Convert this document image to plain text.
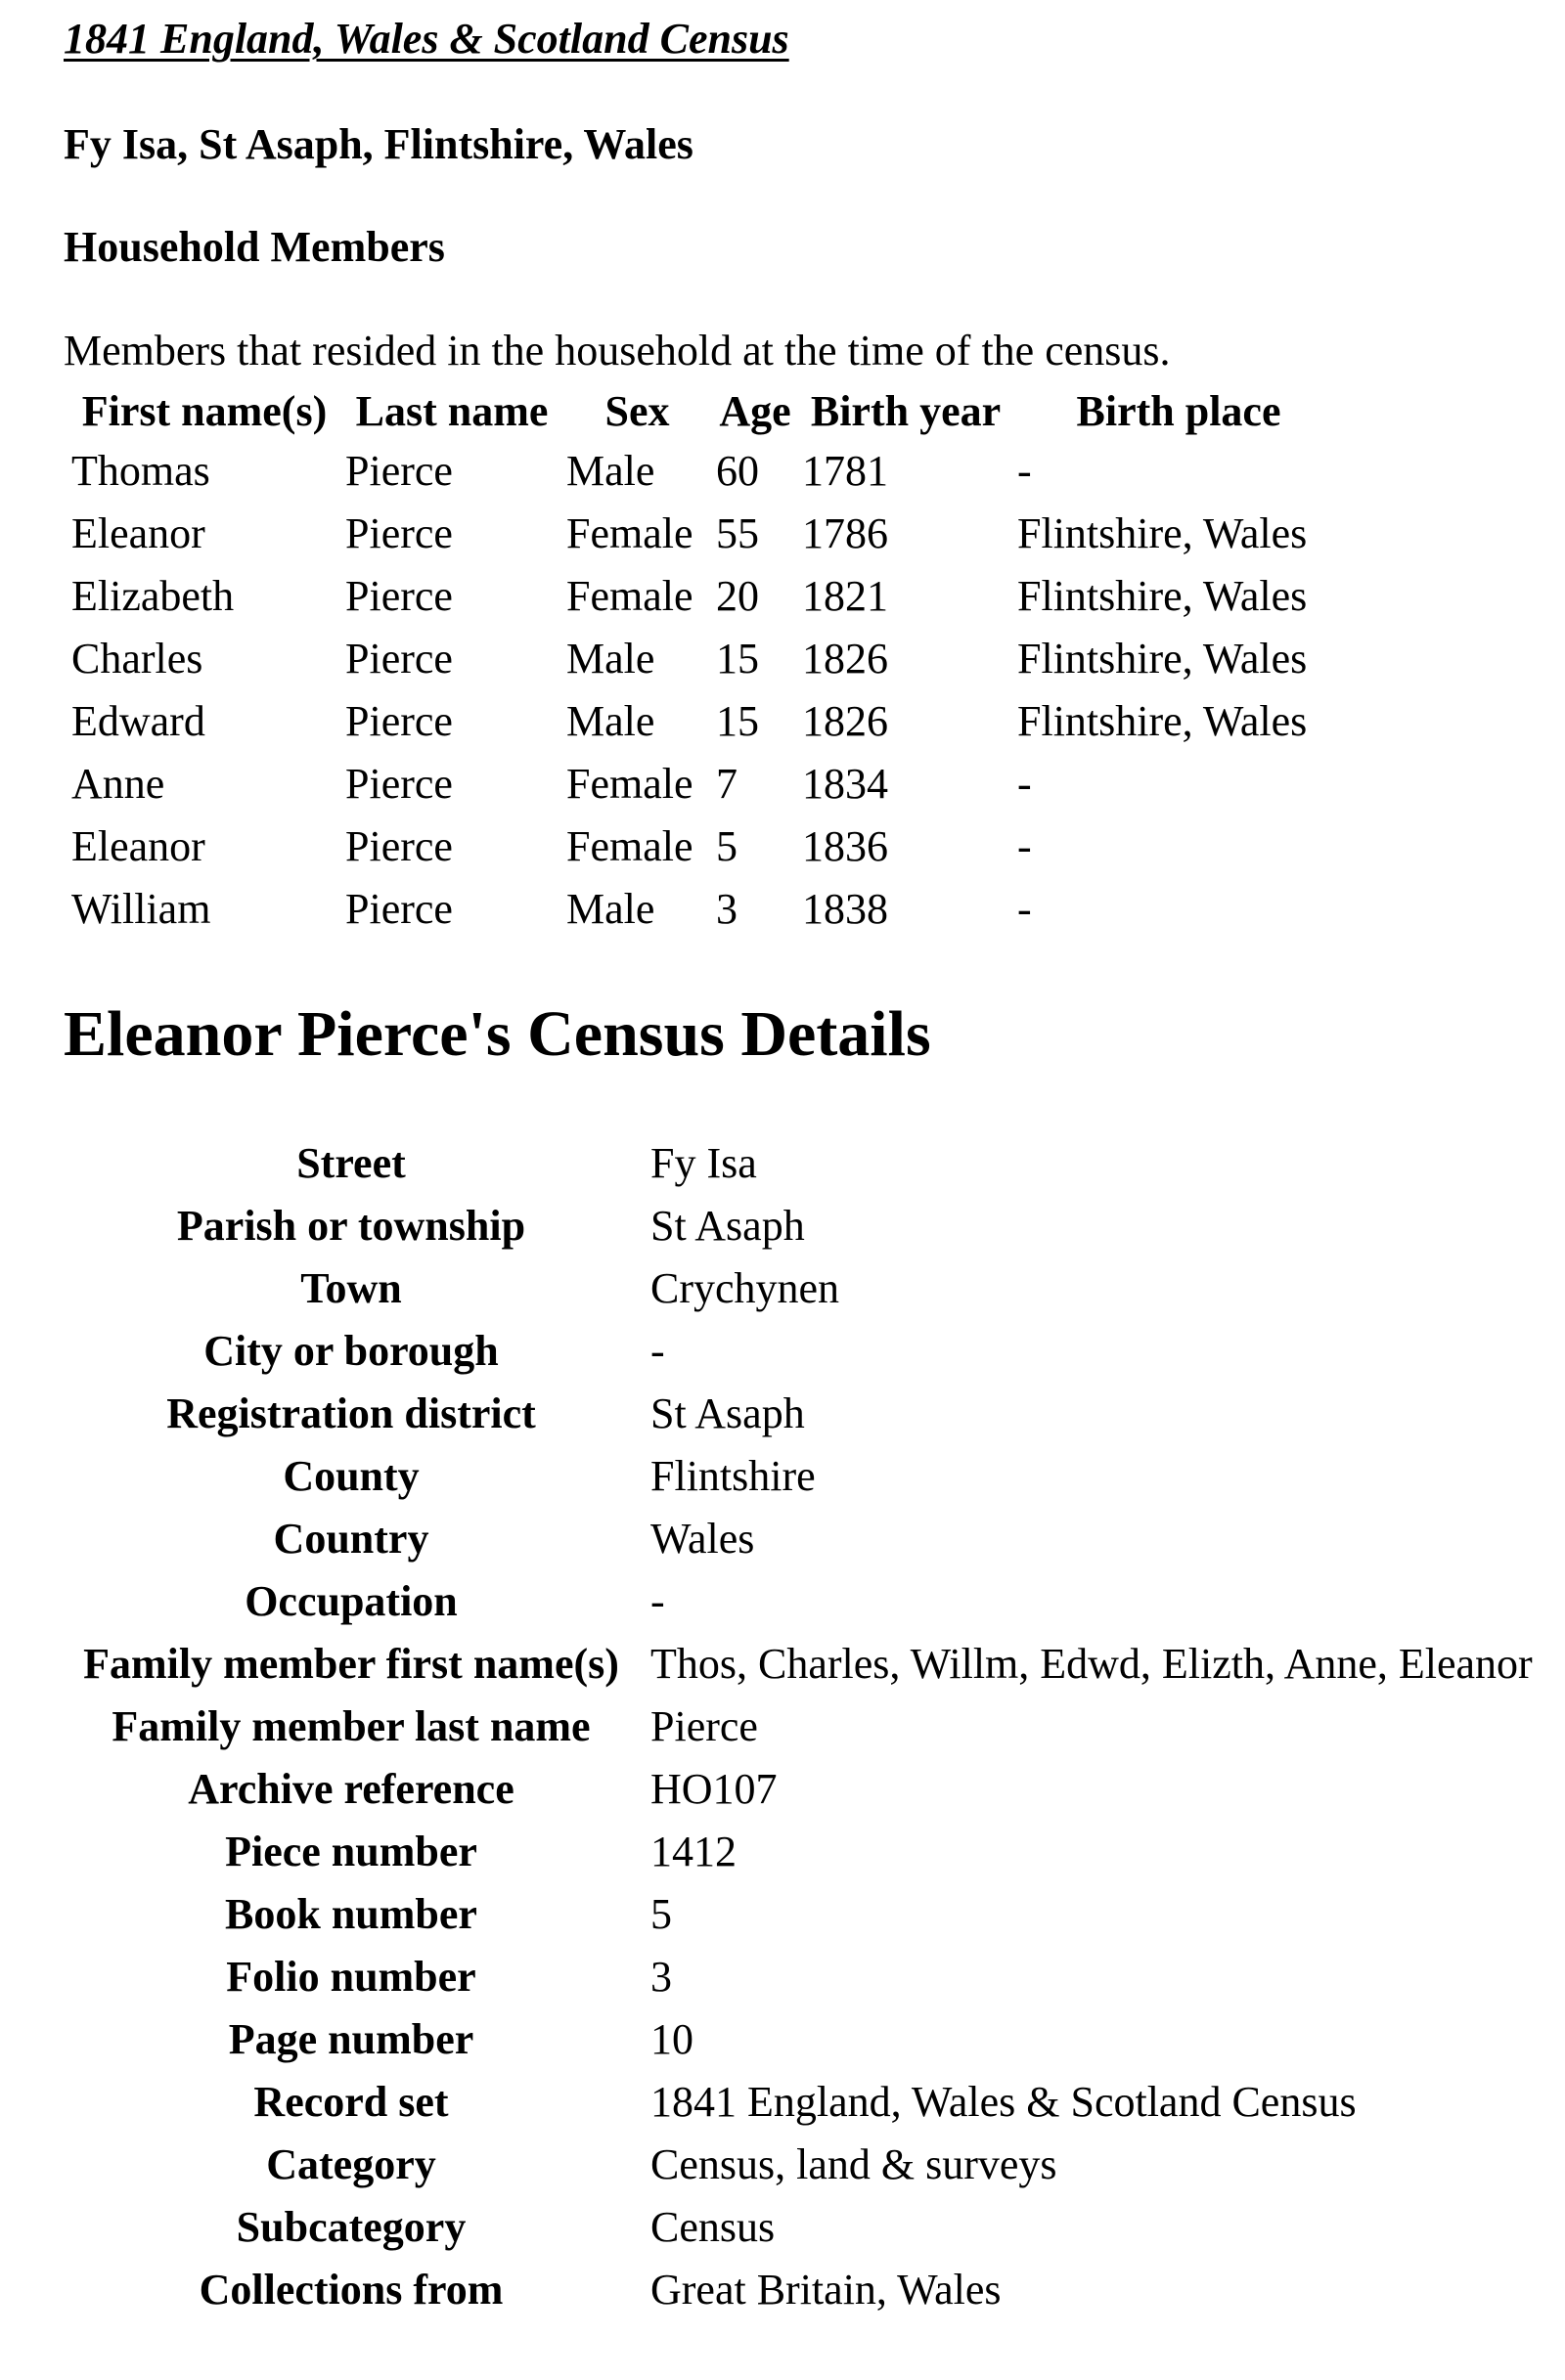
1841 England, Wales & Scotland Census
Fy Isa, St Asaph, Flintshire, Wales
Household Members
Members that resided in the household at the time of the census.
First name(s)	Last name	Sex	Age	Birth year	Birth place
Thomas	Pierce	Male	60	1781	-
Eleanor	Pierce	Female	55	1786	Flintshire, Wales
Elizabeth	Pierce	Female	20	1821	Flintshire, Wales
Charles	Pierce	Male	15	1826	Flintshire, Wales
Edward	Pierce	Male	15	1826	Flintshire, Wales
Anne	Pierce	Female	7	1834	-
Eleanor	Pierce	Female	5	1836	-
William	Pierce	Male	3	1838	-
Eleanor Pierce's Census Details
Street	Fy Isa
Parish or township	St Asaph
Town	Crychynen
City or borough	-
Registration district	St Asaph
County	Flintshire
Country	Wales
Occupation	-
Family member first name(s)	Thos, Charles, Willm, Edwd, Elizth, Anne, Eleanor
Family member last name	Pierce
Archive reference	HO107
Piece number	1412
Book number	5
Folio number	3
Page number	10
Record set	1841 England, Wales & Scotland Census
Category	Census, land & surveys
Subcategory	Census
Collections from	Great Britain, Wales
